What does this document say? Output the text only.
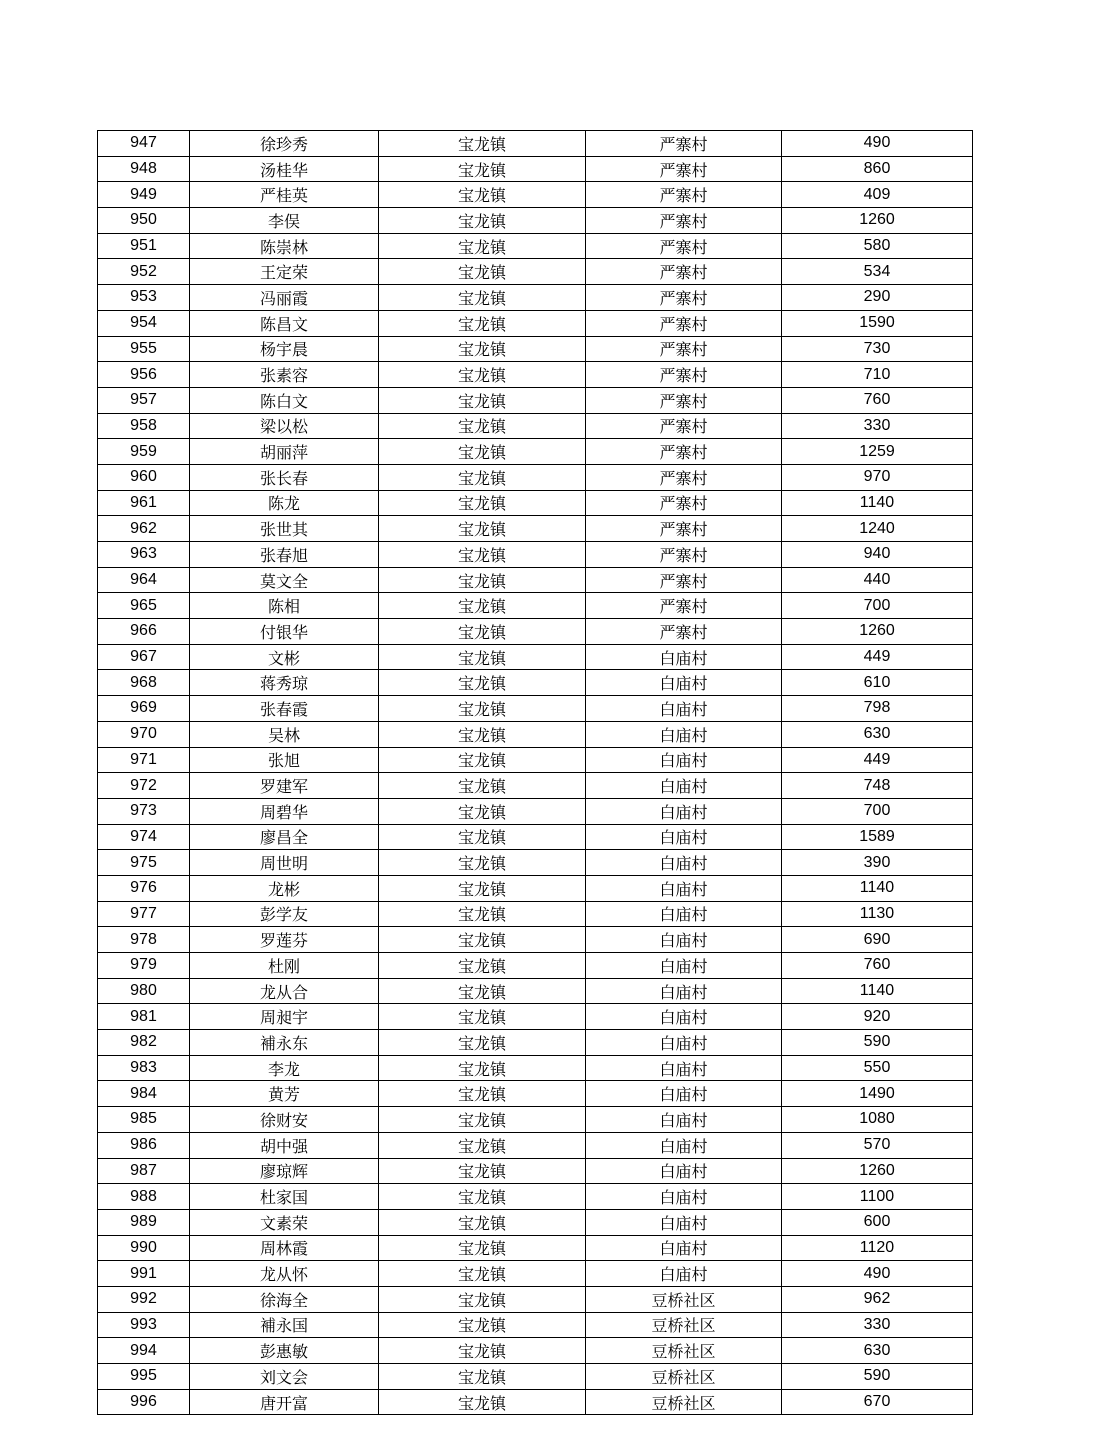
947	徐珍秀	宝龙镇	严寨村	490
948	汤桂华	宝龙镇	严寨村	860
949	严桂英	宝龙镇	严寨村	409
950	李俣	宝龙镇	严寨村	1260
951	陈崇林	宝龙镇	严寨村	580
952	王定荣	宝龙镇	严寨村	534
953	冯丽霞	宝龙镇	严寨村	290
954	陈昌文	宝龙镇	严寨村	1590
955	杨宇晨	宝龙镇	严寨村	730
956	张素容	宝龙镇	严寨村	710
957	陈白文	宝龙镇	严寨村	760
958	梁以松	宝龙镇	严寨村	330
959	胡丽萍	宝龙镇	严寨村	1259
960	张长春	宝龙镇	严寨村	970
961	陈龙	宝龙镇	严寨村	1140
962	张世其	宝龙镇	严寨村	1240
963	张春旭	宝龙镇	严寨村	940
964	莫文全	宝龙镇	严寨村	440
965	陈相	宝龙镇	严寨村	700
966	付银华	宝龙镇	严寨村	1260
967	文彬	宝龙镇	白庙村	449
968	蒋秀琼	宝龙镇	白庙村	610
969	张春霞	宝龙镇	白庙村	798
970	吴林	宝龙镇	白庙村	630
971	张旭	宝龙镇	白庙村	449
972	罗建军	宝龙镇	白庙村	748
973	周碧华	宝龙镇	白庙村	700
974	廖昌全	宝龙镇	白庙村	1589
975	周世明	宝龙镇	白庙村	390
976	龙彬	宝龙镇	白庙村	1140
977	彭学友	宝龙镇	白庙村	1130
978	罗莲芬	宝龙镇	白庙村	690
979	杜刚	宝龙镇	白庙村	760
980	龙从合	宝龙镇	白庙村	1140
981	周昶宇	宝龙镇	白庙村	920
982	補永东	宝龙镇	白庙村	590
983	李龙	宝龙镇	白庙村	550
984	黄芳	宝龙镇	白庙村	1490
985	徐财安	宝龙镇	白庙村	1080
986	胡中强	宝龙镇	白庙村	570
987	廖琼辉	宝龙镇	白庙村	1260
988	杜家国	宝龙镇	白庙村	1100
989	文素荣	宝龙镇	白庙村	600
990	周林霞	宝龙镇	白庙村	1120
991	龙从怀	宝龙镇	白庙村	490
992	徐海全	宝龙镇	豆桥社区	962
993	補永国	宝龙镇	豆桥社区	330
994	彭惠敏	宝龙镇	豆桥社区	630
995	刘文会	宝龙镇	豆桥社区	590
996	唐开富	宝龙镇	豆桥社区	670
